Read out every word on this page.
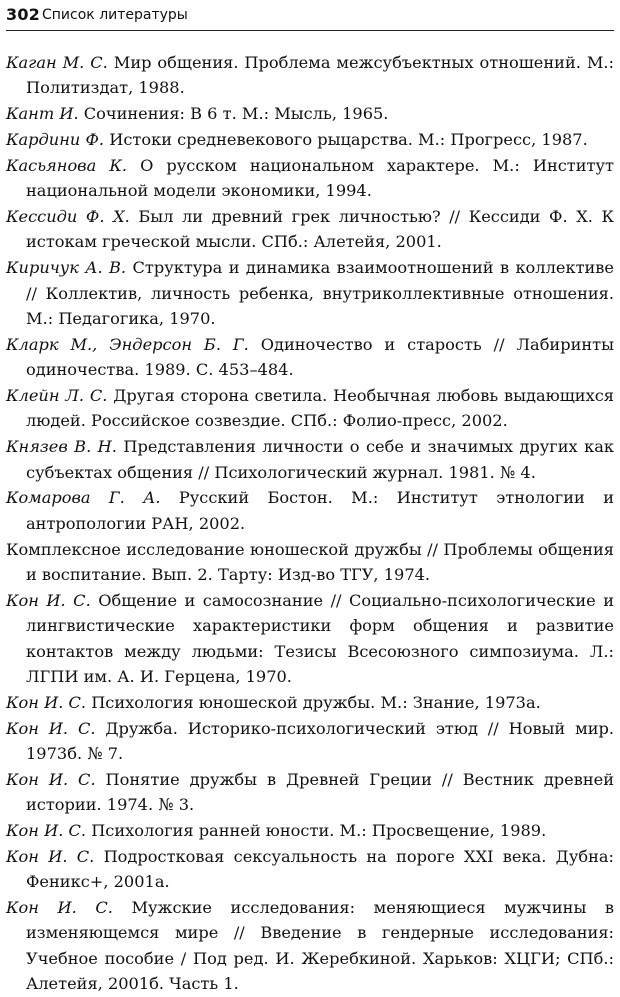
302 Список литературы

Каган М. С. Мир общения. Проблема межсубъектных отношений. М.: Политиздат, 1988.

Кант И. Сочинения: В 6 т. М.: Мысль, 1965.

Кардини Ф. Истоки средневекового рыцарства. М.: Прогресс, 1987.

Касьянова К. О русском национальном характере. М.: Институт национальной модели экономики, 1994.

Кессиди Ф. Х. Был ли древний грек личностью? // Кессиди Ф. Х. К истокам греческой мысли. СПб.: Алетейя, 2001.

Киричук А. В. Структура и динамика взаимоотношений в коллективе // Коллектив, личность ребенка, внутриколлективные отношения. М.: Педагогика, 1970.

Кларк М., Эндерсон Б. Г. Одиночество и старость // Лабиринты одиночества. 1989. С. 453–484.

Клейн Л. С. Другая сторона светила. Необычная любовь выдающихся людей. Российское созвездие. СПб.: Фолио-пресс, 2002.

Князев В. Н. Представления личности о себе и значимых других как субъектах общения // Психологический журнал. 1981. № 4.

Комарова Г. А. Русский Бостон. М.: Институт этнологии и антропологии РАН, 2002.

Комплексное исследование юношеской дружбы // Проблемы общения и воспитание. Вып. 2. Тарту: Изд-во ТГУ, 1974.

Кон И. С. Общение и самосознание // Социально-психологические и лингвистические характеристики форм общения и развитие контактов между людьми: Тезисы Всесоюзного симпозиума. Л.: ЛГПИ им. А. И. Герцена, 1970.

Кон И. С. Психология юношеской дружбы. М.: Знание, 1973а.

Кон И. С. Дружба. Историко-психологический этюд // Новый мир. 1973б. № 7.

Кон И. С. Понятие дружбы в Древней Греции // Вестник древней истории. 1974. № 3.

Кон И. С. Психология ранней юности. М.: Просвещение, 1989.

Кон И. С. Подростковая сексуальность на пороге XXI века. Дубна: Феникс+, 2001а.

Кон И. С. Мужские исследования: меняющиеся мужчины в изменяющемся мире // Введение в гендерные исследования: Учебное пособие / Под ред. И. Жеребкиной. Харьков: ХЦГИ; СПб.: Алетейя, 2001б. Часть 1.
